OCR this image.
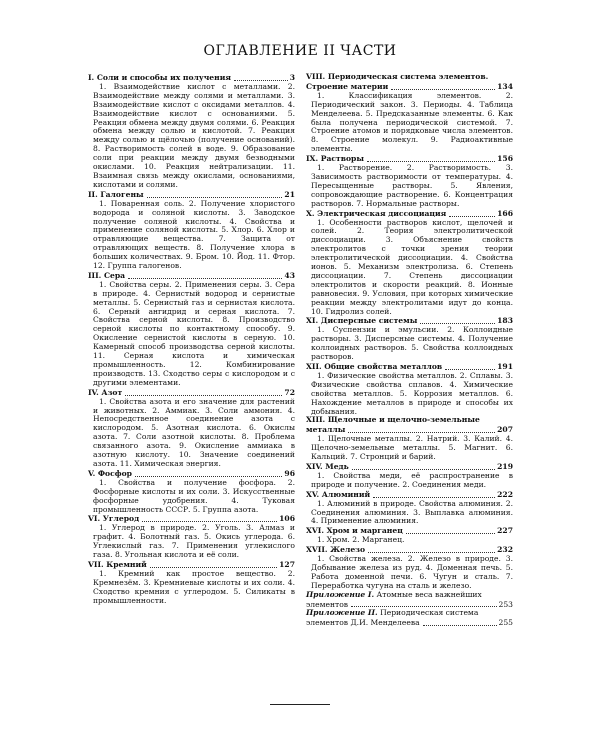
ОГЛАВЛЕНИЕ II ЧАСТИ
I. Соли и способы их получения	3
1. Взаимодействие кислот с металлами. 2. Взаимодействие между солями и металлами. 3. Взаимодействие кислот с оксидами металлов. 4. Взаимодействие кислот с основаниями. 5. Реакция обмена между двумя солями. 6. Реакция обмена между солью и кислотой. 7. Реакция между солью и щёлочью (получение оснований). 8. Растворимость солей в воде. 9. Образование соли при реакции между двумя безводными окислами. 10. Реакция нейтрализации. 11. Взаимная связь между окислами, основаниями, кислотами и солями.
II. Галогены	21
1. Поваренная соль. 2. Получение хлористого водорода и соляной кислоты. 3. Заводское получение соляной кислоты. 4. Свойства и применение соляной кислоты. 5. Хлор. 6. Хлор и отравляющие вещества. 7. Защита от отравляющих веществ. 8. Получение хлора в больших количествах. 9. Бром. 10. Йод. 11. Фтор. 12. Группа галогенов.
III. Сера	43
1. Свойства серы. 2. Применения серы. 3. Сера в природе. 4. Сернистый водород и сернистые металлы. 5. Сернистый газ и сернистая кислота. 6. Серный ангидрид и серная кислота. 7. Свойства серной кислоты. 8. Производство серной кислоты по контактному способу. 9. Окисление сернистой кислоты в серную. 10. Камерный способ производства серной кислоты. 11. Серная кислота и химическая промышленность. 12. Комбинирование производств. 13. Сходство серы с кислородом и с другими элементами.
IV. Азот	72
1. Свойства азота и его значение для растений и животных. 2. Аммиак. 3. Соли аммония. 4. Непосредственное соединение азота с кислородом. 5. Азотная кислота. 6. Окислы азота. 7. Соли азотной кислоты. 8. Проблема связанного азота. 9. Окисление аммиака в азотную кислоту. 10. Значение соединений азота. 11. Химическая энергия.
V. Фосфор	96
1. Свойства и получение фосфора. 2. Фосфорные кислоты и их соли. 3. Искусственные фосфорные удобрения. 4. Туковая промышленность СССР. 5. Группа азота.
VI. Углерод	106
1. Углерод в природе. 2. Уголь. 3. Алмаз и графит. 4. Болотный газ. 5. Окись углерода. 6. Углекислый газ. 7. Применения углекислого газа. 8. Угольная кислота и её соли.
VII. Кремний	127
1. Кремний как простое вещество. 2. Кремнезём. 3. Кремниевые кислоты и их соли. 4. Сходство кремния с углеродом. 5. Силикаты в промышленности.
VIII. Периодическая система элементов.
Строение материи	134
1. Классификация элементов. 2. Периодический закон. 3. Периоды. 4. Таблица Менделеева. 5. Предсказанные элементы. 6. Как была получена периодической системой. 7. Строение атомов и порядковые числа элементов. 8. Строение молекул. 9. Радиоактивные элементы.
IX. Растворы	156
1. Растворение. 2. Растворимость. 3. Зависимость растворимости от температуры. 4. Пересыщенные растворы. 5. Явления, сопровождающие растворение. 6. Концентрация растворов. 7. Нормальные растворы.
X. Электрическая диссоциация	166
1. Особенности растворов кислот, щелочей и солей. 2. Теория электролитической диссоциации. 3. Объяснение свойств электролитов с точки зрения теории электролитической диссоциации. 4. Свойства ионов. 5. Механизм электролиза. 6. Степень диссоциации. 7. Степень диссоциации электролитов и скорости реакций. 8. Ионные равновесия. 9. Условия, при которых химические реакции между электролитами идут до конца. 10. Гидролиз солей.
XI. Дисперсные системы	183
1. Суспензии и эмульсии. 2. Коллоидные растворы. 3. Дисперсные системы. 4. Получение коллоидных растворов. 5. Свойства коллоидных растворов.
XII. Общие свойства металлов	191
1. Физические свойства металлов. 2. Сплавы. 3. Физические свойства сплавов. 4. Химические свойства металлов. 5. Коррозия металлов. 6. Нахождение металлов в природе и способы их добывания.
XIII. Щелочные и щелочно-земельные
металлы	207
1. Щелочные металлы. 2. Натрий. 3. Калий. 4. Щелочно-земельные металлы. 5. Магнит. 6. Кальций. 7. Стронций и барий.
XIV. Медь	219
1. Свойства меди, её распространение в природе и получение. 2. Соединения меди.
XV. Алюминий	222
1. Алюминий в природе. Свойства алюминия. 2. Соединения алюминия. 3. Выплавка алюминия. 4. Применение алюминия.
XVI. Хром и марганец	227
1. Хром. 2. Марганец.
XVII. Железо	232
1. Свойства железа. 2. Железо в природе. 3. Добывание железа из руд. 4. Доменная печь. 5. Работа доменной печи. 6. Чугун и сталь. 7. Переработка чугуна на сталь и железо.
Приложение I. Атомные веса важнейших
элементов	253
Приложение II. Периодическая система
элементов Д.И. Менделеева	255
